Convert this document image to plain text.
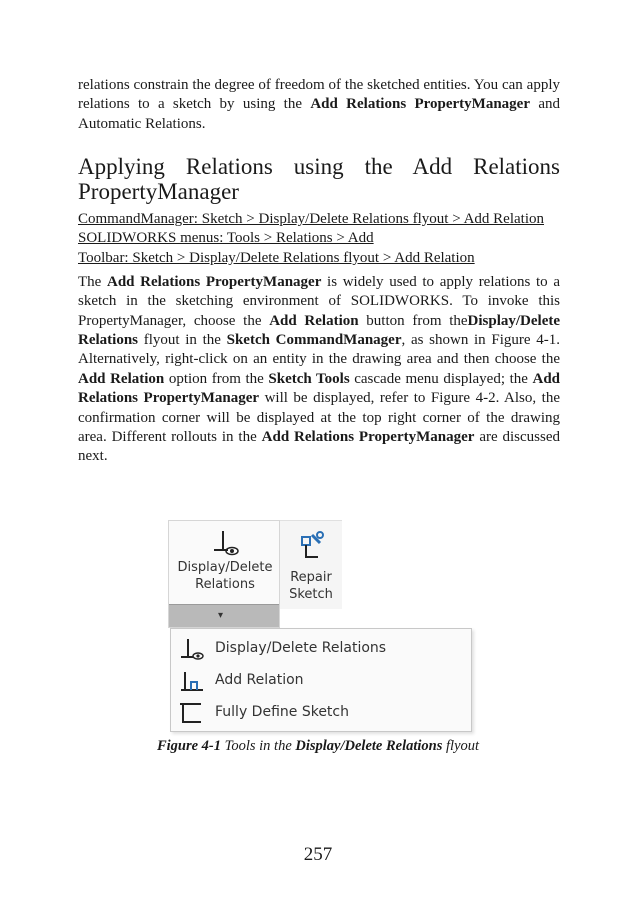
relations constrain the degree of freedom of the sketched entities. You can apply relations to a sketch by using the Add Relations PropertyManager and Automatic Relations.

Applying Relations using the Add Relations PropertyManager
CommandManager: Sketch > Display/Delete Relations flyout > Add Relation
SOLIDWORKS menus: Tools > Relations > Add
Toolbar: Sketch > Display/Delete Relations flyout > Add Relation

The Add Relations PropertyManager is widely used to apply relations to a sketch in the sketching environment of SOLIDWORKS. To invoke this PropertyManager, choose the Add Relation button from theDisplay/Delete Relations flyout in the Sketch CommandManager, as shown in Figure 4-1. Alternatively, right-click on an entity in the drawing area and then choose the Add Relation option from the Sketch Tools cascade menu displayed; the Add Relations PropertyManager will be displayed, refer to Figure 4-2. Also, the confirmation corner will be displayed at the top right corner of the drawing area. Different rollouts in the Add Relations PropertyManager are discussed next.

Display/Delete
Relations
▾
Repair
Sketch
Display/Delete Relations
Add Relation
Fully Define Sketch
Figure 4-1 Tools in the Display/Delete Relations flyout
257
